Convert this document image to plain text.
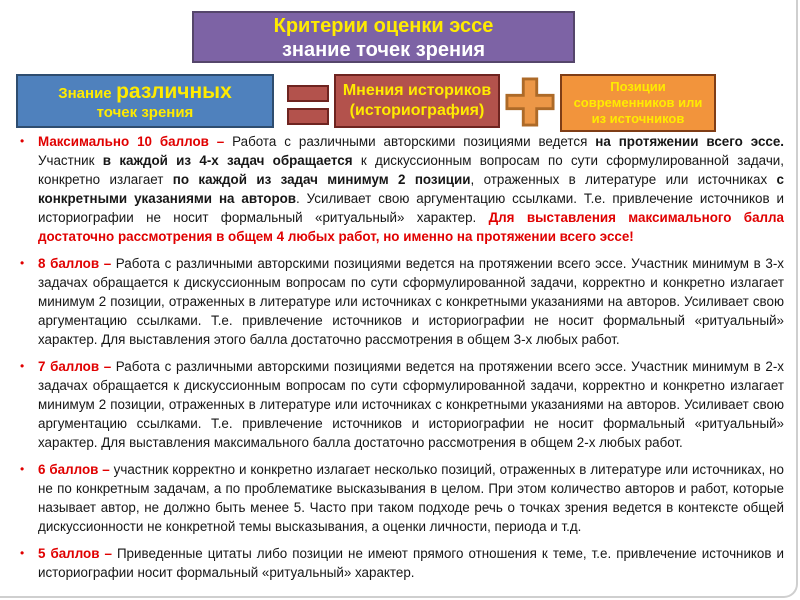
Критерии оценки эссе
знание точек зрения
Знание различных
точек зрения
Мнения историков
(историография)
Позиции
современников или
из источников
•	Максимально 10 баллов – Работа с различными авторскими позициями ведется на протяжении всего эссе. Участник в каждой из 4-х задач обращается к дискуссионным вопросам по сути сформулированной задачи, конкретно излагает по каждой из задач минимум 2 позиции, отраженных в литературе или источниках с конкретными указаниями на авторов. Усиливает свою аргументацию ссылками. Т.е. привлечение источников и историографии не носит формальный «ритуальный» характер. Для выставления максимального балла достаточно рассмотрения в общем 4 любых работ, но именно на протяжении всего эссе!

•	8 баллов – Работа с различными авторскими позициями ведется на протяжении всего эссе. Участник минимум в 3-х задачах обращается к дискуссионным вопросам по сути сформулированной задачи, корректно и конкретно излагает минимум 2 позиции, отраженных в литературе или источниках с конкретными указаниями на авторов. Усиливает свою аргументацию ссылками. Т.е. привлечение источников и историографии не носит формальный «ритуальный» характер. Для выставления этого балла достаточно рассмотрения в общем 3-х любых работ.

•	7 баллов – Работа с различными авторскими позициями ведется на протяжении всего эссе. Участник минимум в 2-х задачах обращается к дискуссионным вопросам по сути сформулированной задачи, корректно и конкретно излагает минимум 2 позиции, отраженных в литературе или источниках с конкретными указаниями на авторов. Усиливает свою аргументацию ссылками. Т.е. привлечение источников и историографии не носит формальный «ритуальный» характер. Для выставления максимального балла достаточно рассмотрения в общем 2-х любых работ.

•	6 баллов – участник корректно и конкретно излагает несколько позиций, отраженных в литературе или источниках, но не по конкретным задачам, а по проблематике высказывания в целом. При этом количество авторов и работ, которые называет автор, не должно быть менее 5. Часто при таком подходе речь о точках зрения ведется в контексте общей дискуссионности не конкретной темы высказывания, а оценки личности, периода и т.д.

•	5 баллов – Приведенные цитаты либо позиции не имеют прямого отношения к теме, т.е. привлечение источников и историографии носит формальный «ритуальный» характер.
